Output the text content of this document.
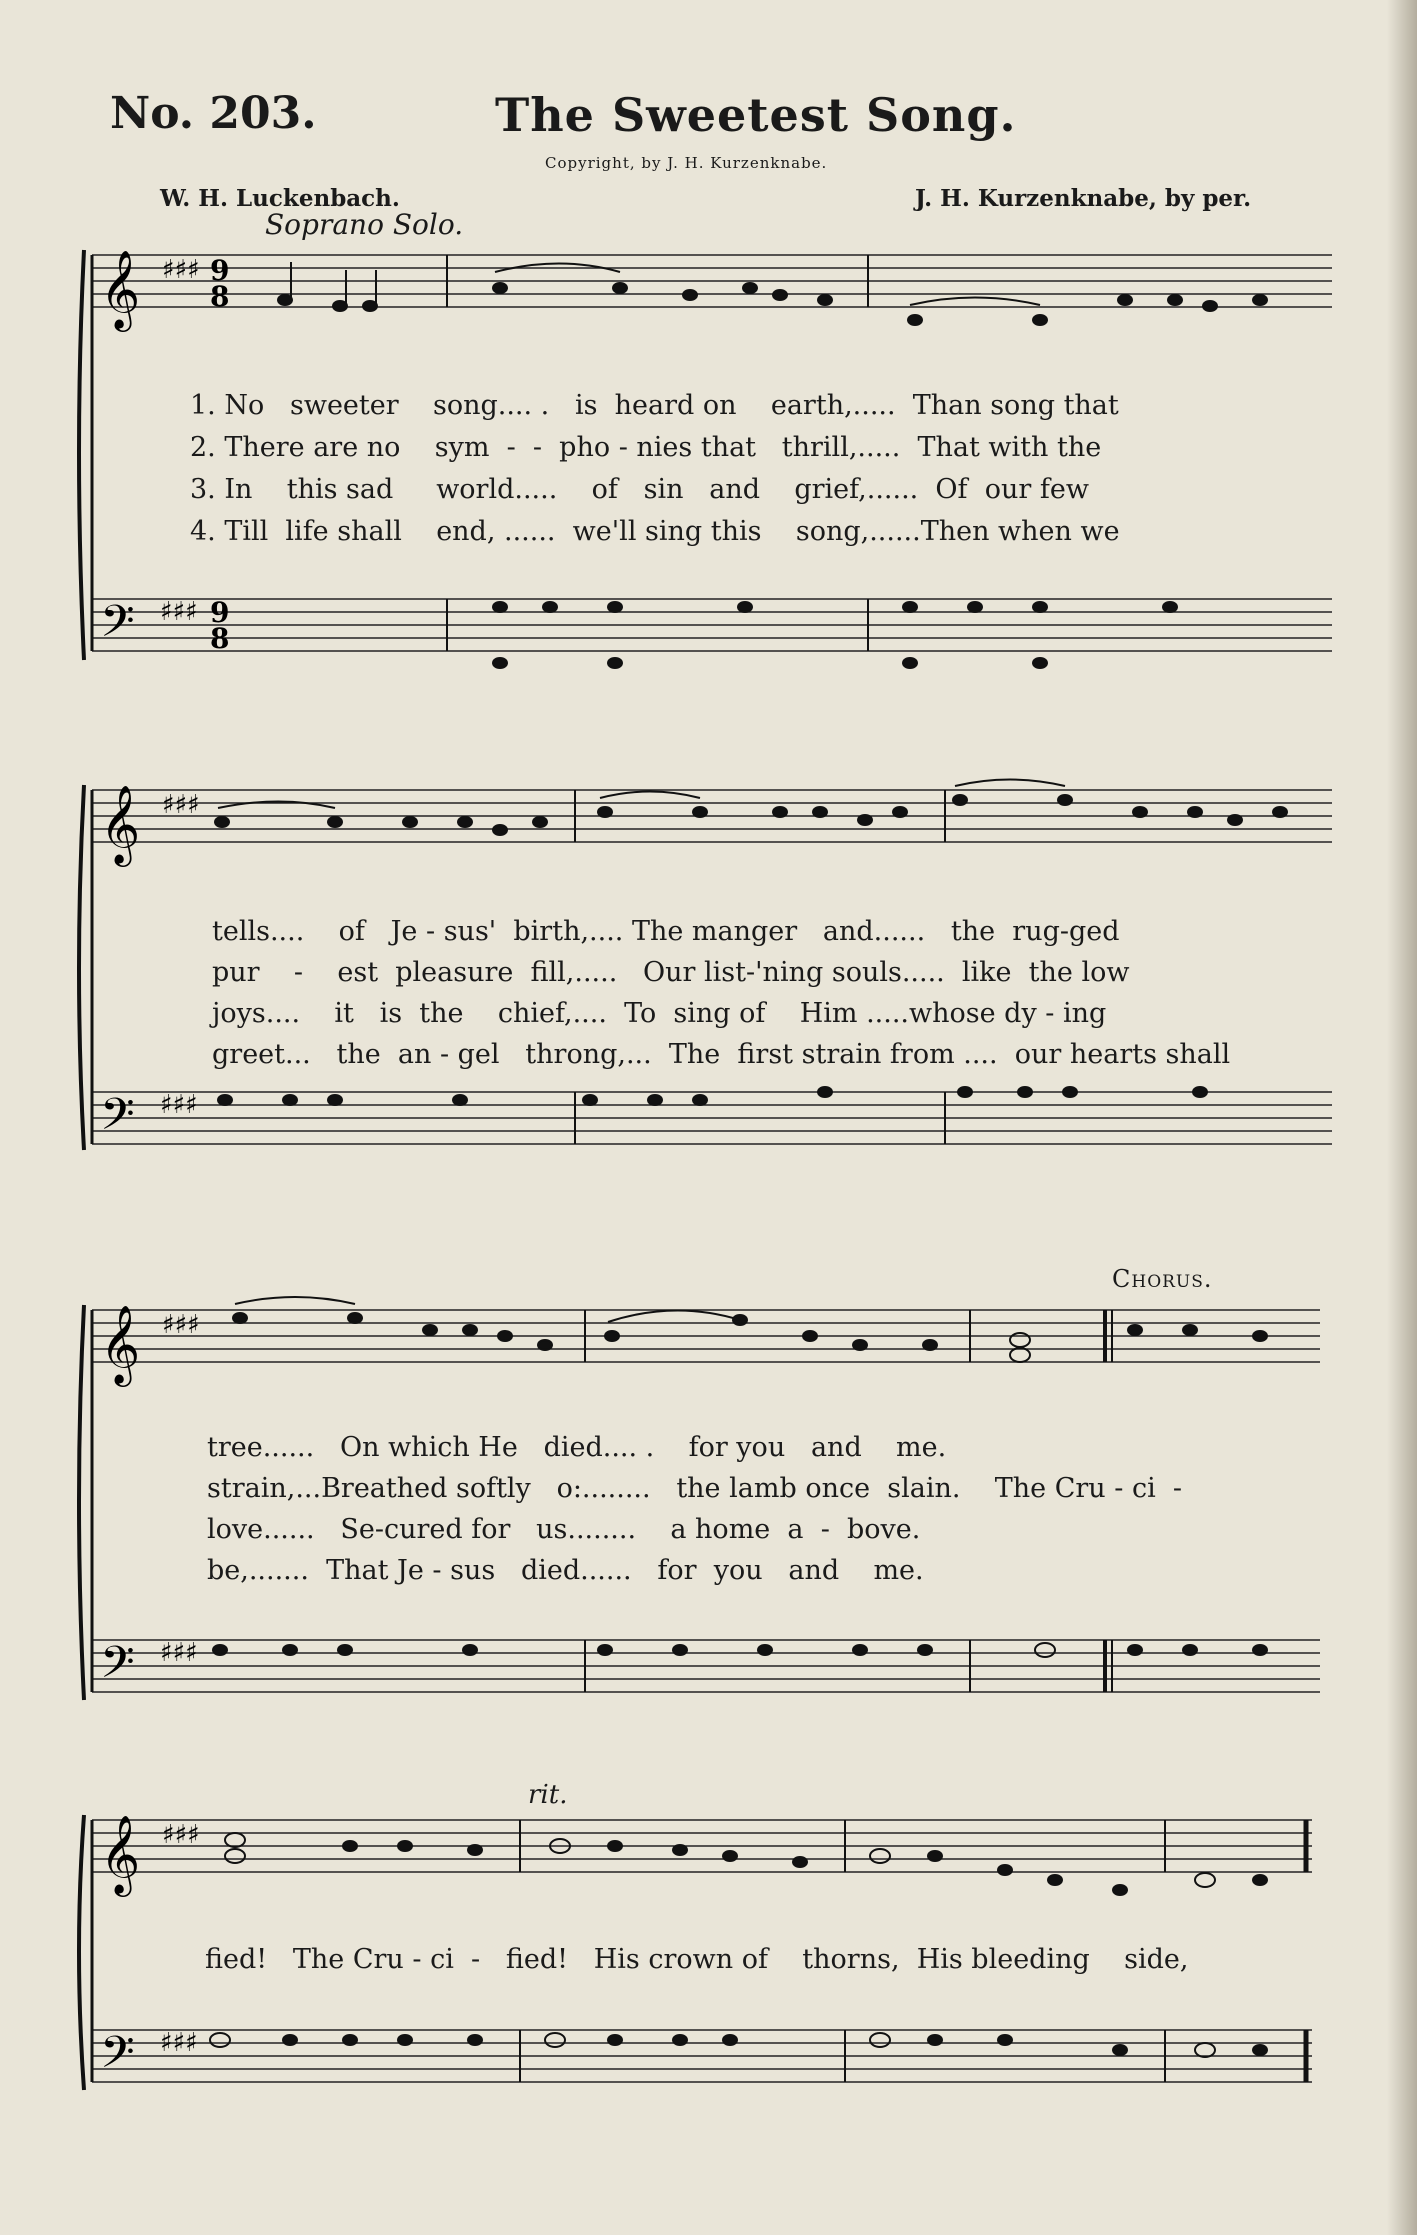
No. 203.	The Sweetest Song.
Copyright, by J. H. Kurzenknabe.
W. H. Luckenbach.	J. H. Kurzenknabe, by per.
Soprano Solo.
Chorus.
rit.
𝄞
𝄢
♯♯♯
♯♯♯
9
8
9
8
𝄞
𝄢
♯♯♯
♯♯♯
𝄞
𝄢
♯♯♯
♯♯♯
𝄞
𝄢
♯♯♯
♯♯♯
1. No   sweeter    song.... .   is  heard on    earth,.....  Than song that
2. There are no    sym  -  -  pho - nies that   thrill,.....  That with the
3. In    this sad     world.....    of   sin   and    grief,......  Of  our few
4. Till  life shall    end, ......  we'll sing this    song,......Then when we
tells....    of   Je - sus'  birth,.... The manger   and......   the  rug-ged
pur    -    est  pleasure  fill,.....   Our list-'ning souls.....  like  the low
joys....    it   is  the    chief,....  To  sing of    Him .....whose dy - ing
greet...   the  an - gel   throng,...  The  first strain from ....  our hearts shall
tree......   On which He   died.... .    for you   and    me.
strain,...Breathed softly   o:........   the lamb once  slain.    The Cru - ci  -
love......   Se-cured for   us........    a home  a  -  bove.
be,.......  That Je - sus   died......   for  you   and    me.
fied!   The Cru - ci  -   fied!   His crown of    thorns,  His bleeding    side,
